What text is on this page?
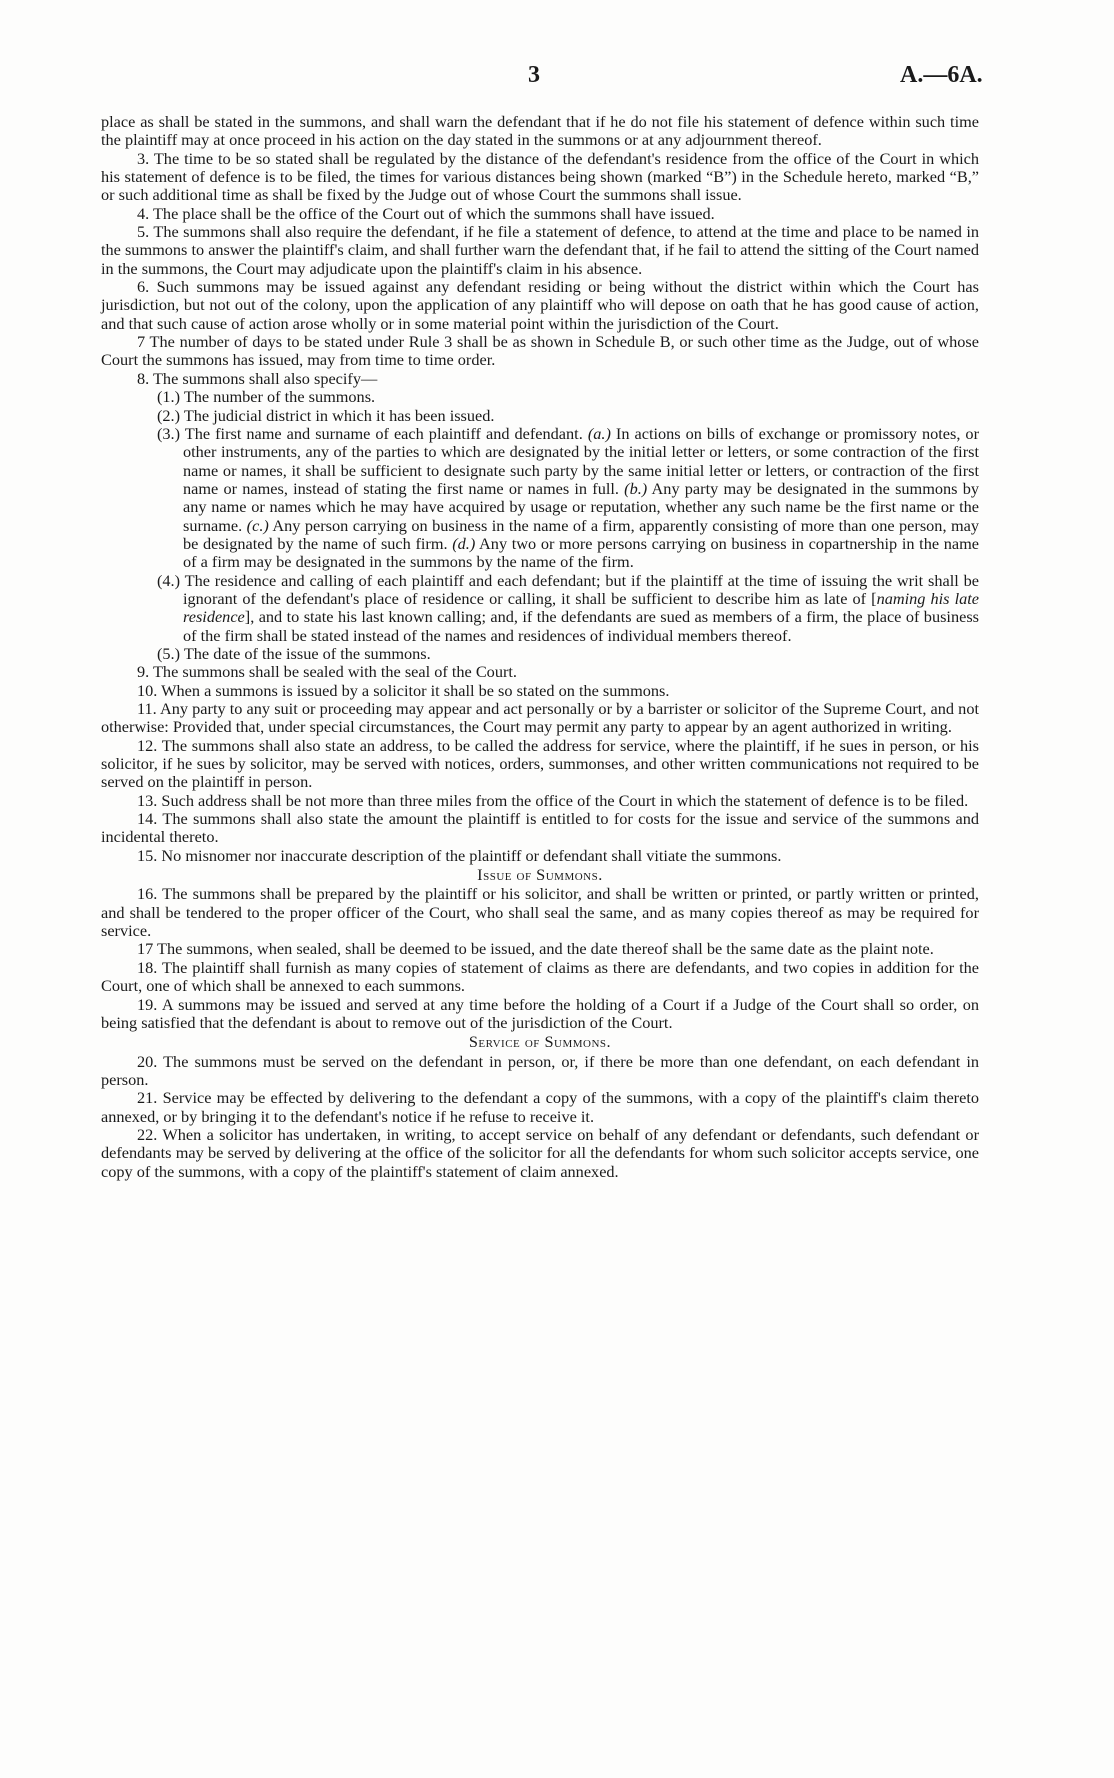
3	A.—6A.

place as shall be stated in the summons, and shall warn the defendant that if he do not file his statement of defence within such time the plaintiff may at once proceed in his action on the day stated in the summons or at any adjournment thereof.

3. The time to be so stated shall be regulated by the distance of the defendant's residence from the office of the Court in which his statement of defence is to be filed, the times for various distances being shown (marked “B”) in the Schedule hereto, marked “B,” or such additional time as shall be fixed by the Judge out of whose Court the summons shall issue.

4. The place shall be the office of the Court out of which the summons shall have issued.

5. The summons shall also require the defendant, if he file a statement of defence, to attend at the time and place to be named in the summons to answer the plaintiff's claim, and shall further warn the defendant that, if he fail to attend the sitting of the Court named in the summons, the Court may adjudicate upon the plaintiff's claim in his absence.

6. Such summons may be issued against any defendant residing or being without the district within which the Court has jurisdiction, but not out of the colony, upon the application of any plaintiff who will depose on oath that he has good cause of action, and that such cause of action arose wholly or in some material point within the jurisdiction of the Court.

7 The number of days to be stated under Rule 3 shall be as shown in Schedule B, or such other time as the Judge, out of whose Court the summons has issued, may from time to time order.

8. The summons shall also specify—

(1.) The number of the summons.

(2.) The judicial district in which it has been issued.

(3.) The first name and surname of each plaintiff and defendant. (a.) In actions on bills of exchange or promissory notes, or other instruments, any of the parties to which are designated by the initial letter or letters, or some contraction of the first name or names, it shall be sufficient to designate such party by the same initial letter or letters, or contraction of the first name or names, instead of stating the first name or names in full. (b.) Any party may be designated in the summons by any name or names which he may have acquired by usage or reputation, whether any such name be the first name or the surname. (c.) Any person carrying on business in the name of a firm, apparently consisting of more than one person, may be designated by the name of such firm. (d.) Any two or more persons carrying on business in copartnership in the name of a firm may be designated in the summons by the name of the firm.

(4.) The residence and calling of each plaintiff and each defendant; but if the plaintiff at the time of issuing the writ shall be ignorant of the defendant's place of residence or calling, it shall be sufficient to describe him as late of [naming his late residence], and to state his last known calling; and, if the defendants are sued as members of a firm, the place of business of the firm shall be stated instead of the names and residences of individual members thereof.

(5.) The date of the issue of the summons.

9. The summons shall be sealed with the seal of the Court.

10. When a summons is issued by a solicitor it shall be so stated on the summons.

11. Any party to any suit or proceeding may appear and act personally or by a barrister or solicitor of the Supreme Court, and not otherwise: Provided that, under special circumstances, the Court may permit any party to appear by an agent authorized in writing.

12. The summons shall also state an address, to be called the address for service, where the plaintiff, if he sues in person, or his solicitor, if he sues by solicitor, may be served with notices, orders, summonses, and other written communications not required to be served on the plaintiff in person.

13. Such address shall be not more than three miles from the office of the Court in which the statement of defence is to be filed.

14. The summons shall also state the amount the plaintiff is entitled to for costs for the issue and service of the summons and incidental thereto.

15. No misnomer nor inaccurate description of the plaintiff or defendant shall vitiate the summons.

Issue of Summons.

16. The summons shall be prepared by the plaintiff or his solicitor, and shall be written or printed, or partly written or printed, and shall be tendered to the proper officer of the Court, who shall seal the same, and as many copies thereof as may be required for service.

17 The summons, when sealed, shall be deemed to be issued, and the date thereof shall be the same date as the plaint note.

18. The plaintiff shall furnish as many copies of statement of claims as there are defendants, and two copies in addition for the Court, one of which shall be annexed to each summons.

19. A summons may be issued and served at any time before the holding of a Court if a Judge of the Court shall so order, on being satisfied that the defendant is about to remove out of the jurisdiction of the Court.

Service of Summons.

20. The summons must be served on the defendant in person, or, if there be more than one defendant, on each defendant in person.

21. Service may be effected by delivering to the defendant a copy of the summons, with a copy of the plaintiff's claim thereto annexed, or by bringing it to the defendant's notice if he refuse to receive it.

22. When a solicitor has undertaken, in writing, to accept service on behalf of any defendant or defendants, such defendant or defendants may be served by delivering at the office of the solicitor for all the defendants for whom such solicitor accepts service, one copy of the summons, with a copy of the plaintiff's statement of claim annexed.
